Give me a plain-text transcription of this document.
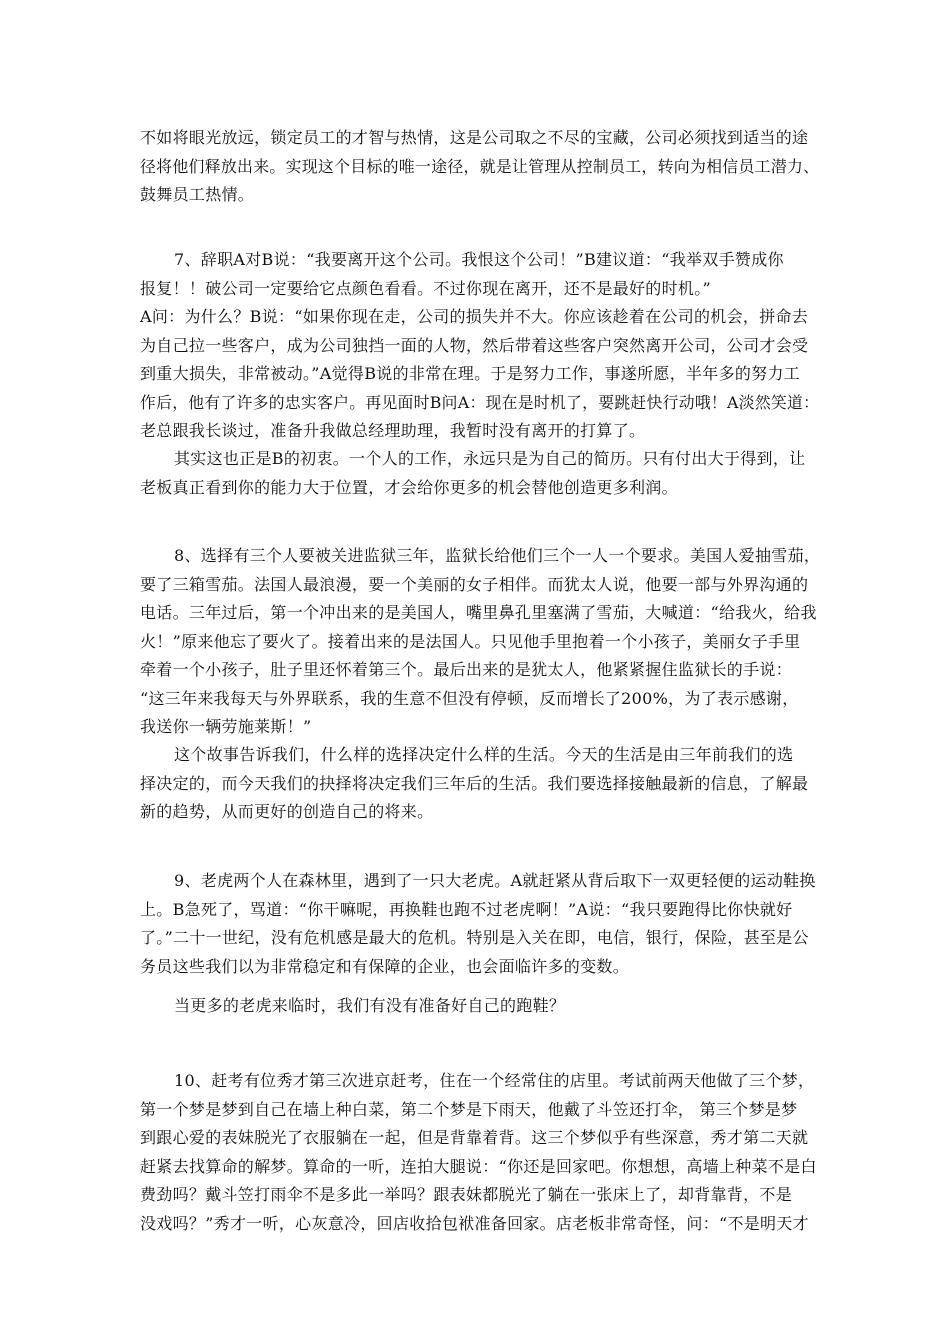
不如将眼光放远，锁定员工的才智与热情，这是公司取之不尽的宝藏，公司必须找到适当的途
径将他们释放出来。实现这个目标的唯一途径，就是让管理从控制员工，转向为相信员工潜力、
鼓舞员工热情。
7、辞职A对B说：“我要离开这个公司。我恨这个公司！”B建议道：“我举双手赞成你
报复！！破公司一定要给它点颜色看看。不过你现在离开，还不是最好的时机。”
A问：为什么？B说：“如果你现在走，公司的损失并不大。你应该趁着在公司的机会，拼命去
为自己拉一些客户，成为公司独挡一面的人物，然后带着这些客户突然离开公司，公司才会受
到重大损失，非常被动。”A觉得B说的非常在理。于是努力工作，事遂所愿，半年多的努力工
作后，他有了许多的忠实客户。再见面时B问A：现在是时机了，要跳赶快行动哦！A淡然笑道：
老总跟我长谈过，准备升我做总经理助理，我暂时没有离开的打算了。
其实这也正是B的初衷。一个人的工作，永远只是为自己的简历。只有付出大于得到，让
老板真正看到你的能力大于位置，才会给你更多的机会替他创造更多利润。
8、选择有三个人要被关进监狱三年，监狱长给他们三个一人一个要求。美国人爱抽雪茄，
要了三箱雪茄。法国人最浪漫，要一个美丽的女子相伴。而犹太人说，他要一部与外界沟通的
电话。三年过后，第一个冲出来的是美国人，嘴里鼻孔里塞满了雪茄，大喊道：“给我火，给我
火！”原来他忘了要火了。接着出来的是法国人。只见他手里抱着一个小孩子，美丽女子手里
牵着一个小孩子，肚子里还怀着第三个。最后出来的是犹太人，他紧紧握住监狱长的手说：
“这三年来我每天与外界联系，我的生意不但没有停顿，反而增长了200%，为了表示感谢，
我送你一辆劳施莱斯！”
这个故事告诉我们，什么样的选择决定什么样的生活。今天的生活是由三年前我们的选
择决定的，而今天我们的抉择将决定我们三年后的生活。我们要选择接触最新的信息，了解最
新的趋势，从而更好的创造自己的将来。
9、老虎两个人在森林里，遇到了一只大老虎。A就赶紧从背后取下一双更轻便的运动鞋换
上。B急死了，骂道：“你干嘛呢，再换鞋也跑不过老虎啊！”A说：“我只要跑得比你快就好
了。”二十一世纪，没有危机感是最大的危机。特别是入关在即，电信，银行，保险，甚至是公
务员这些我们以为非常稳定和有保障的企业，也会面临许多的变数。
当更多的老虎来临时，我们有没有准备好自己的跑鞋？
10、赶考有位秀才第三次进京赶考，住在一个经常住的店里。考试前两天他做了三个梦，
第一个梦是梦到自己在墙上种白菜，第二个梦是下雨天，他戴了斗笠还打伞， 第三个梦是梦
到跟心爱的表妹脱光了衣服躺在一起，但是背靠着背。这三个梦似乎有些深意，秀才第二天就
赶紧去找算命的解梦。算命的一听，连拍大腿说：“你还是回家吧。你想想，高墙上种菜不是白
费劲吗？戴斗笠打雨伞不是多此一举吗？跟表妹都脱光了躺在一张床上了，却背靠背，不是
没戏吗？”秀才一听，心灰意冷，回店收拾包袱准备回家。店老板非常奇怪，问：“不是明天才
